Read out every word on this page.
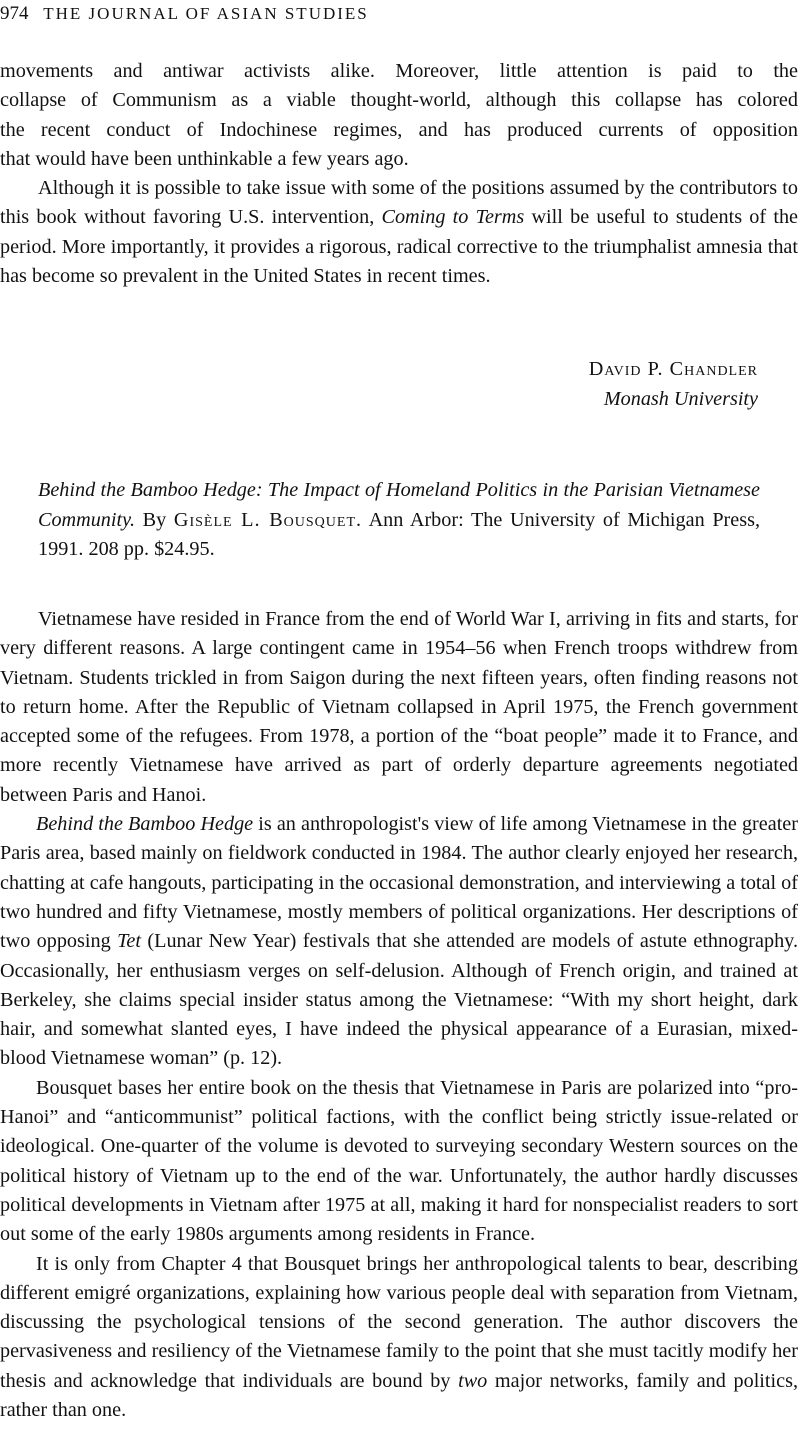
974 THE JOURNAL OF ASIAN STUDIES

movements and antiwar activists alike. Moreover, little attention is paid to the
collapse of Communism as a viable thought-world, although this collapse has colored
the recent conduct of Indochinese regimes, and has produced currents of opposition
that would have been unthinkable a few years ago.

Although it is possible to take issue with some of the positions assumed by the contributors to this book without favoring U.S. intervention, Coming to Terms will be useful to students of the period. More importantly, it provides a rigorous, radical corrective to the triumphalist amnesia that has become so prevalent in the United States in recent times.

David P. Chandler
Monash University
Behind the Bamboo Hedge: The Impact of Homeland Politics in the Parisian Vietnamese Community. By Gisèle L. Bousquet. Ann Arbor: The University of Michigan Press, 1991. 208 pp. $24.95.

Vietnamese have resided in France from the end of World War I, arriving in fits and starts, for very different reasons. A large contingent came in 1954–56 when French troops withdrew from Vietnam. Students trickled in from Saigon during the next fifteen years, often finding reasons not to return home. After the Republic of Vietnam collapsed in April 1975, the French government accepted some of the refugees. From 1978, a portion of the “boat people” made it to France, and more recently Vietnamese have arrived as part of orderly departure agreements negotiated between Paris and Hanoi.

Behind the Bamboo Hedge is an anthropologist's view of life among Vietnamese in the greater Paris area, based mainly on fieldwork conducted in 1984. The author clearly enjoyed her research, chatting at cafe hangouts, participating in the occasional demonstration, and interviewing a total of two hundred and fifty Vietnamese, mostly members of political organizations. Her descriptions of two opposing Tet (Lunar New Year) festivals that she attended are models of astute ethnography. Occasionally, her enthusiasm verges on self-delusion. Although of French origin, and trained at Berkeley, she claims special insider status among the Vietnamese: “With my short height, dark hair, and somewhat slanted eyes, I have indeed the physical appearance of a Eurasian, mixed-blood Vietnamese woman” (p. 12).

Bousquet bases her entire book on the thesis that Vietnamese in Paris are polarized into “pro-Hanoi” and “anticommunist” political factions, with the conflict being strictly issue-related or ideological. One-quarter of the volume is devoted to surveying secondary Western sources on the political history of Vietnam up to the end of the war. Unfortunately, the author hardly discusses political developments in Vietnam after 1975 at all, making it hard for nonspecialist readers to sort out some of the early 1980s arguments among residents in France.

It is only from Chapter 4 that Bousquet brings her anthropological talents to bear, describing different emigré organizations, explaining how various people deal with separation from Vietnam, discussing the psychological tensions of the second generation. The author discovers the pervasiveness and resiliency of the Vietnamese family to the point that she must tacitly modify her thesis and acknowledge that individuals are bound by two major networks, family and politics, rather than one.
